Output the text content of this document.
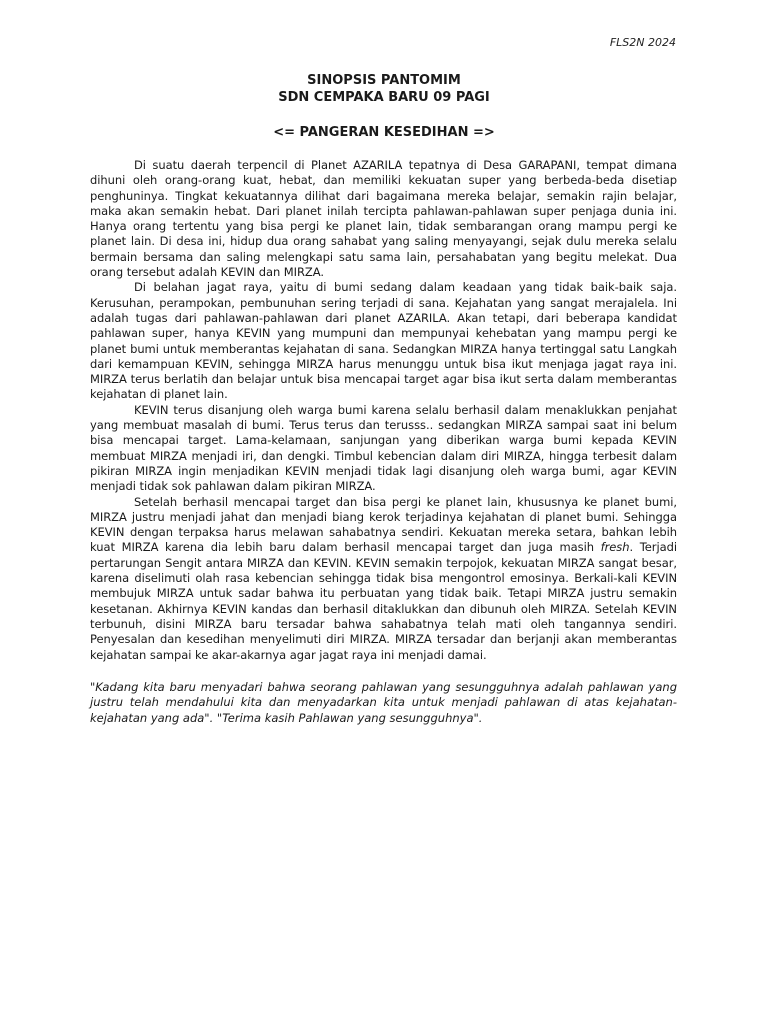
FLS2N 2024
SINOPSIS PANTOMIM
SDN CEMPAKA BARU 09 PAGI
<= PANGERAN KESEDIHAN =>

Di suatu daerah terpencil di Planet AZARILA tepatnya di Desa GARAPANI, tempat dimana dihuni oleh orang-orang kuat, hebat, dan memiliki kekuatan super yang berbeda-beda disetiap penghuninya. Tingkat kekuatannya dilihat dari bagaimana mereka belajar, semakin rajin belajar, maka akan semakin hebat. Dari planet inilah tercipta pahlawan-pahlawan super penjaga dunia ini. Hanya orang tertentu yang bisa pergi ke planet lain, tidak sembarangan orang mampu pergi ke planet lain. Di desa ini, hidup dua orang sahabat yang saling menyayangi, sejak dulu mereka selalu bermain bersama dan saling melengkapi satu sama lain, persahabatan yang begitu melekat. Dua orang tersebut adalah KEVIN dan MIRZA.

Di belahan jagat raya, yaitu di bumi sedang dalam keadaan yang tidak baik-baik saja. Kerusuhan, perampokan, pembunuhan sering terjadi di sana. Kejahatan yang sangat merajalela. Ini adalah tugas dari pahlawan-pahlawan dari planet AZARILA. Akan tetapi, dari beberapa kandidat pahlawan super, hanya KEVIN yang mumpuni dan mempunyai kehebatan yang mampu pergi ke planet bumi untuk memberantas kejahatan di sana. Sedangkan MIRZA hanya tertinggal satu Langkah dari kemampuan KEVIN, sehingga MIRZA harus menunggu untuk bisa ikut menjaga jagat raya ini. MIRZA terus berlatih dan belajar untuk bisa mencapai target agar bisa ikut serta dalam memberantas kejahatan di planet lain.

KEVIN terus disanjung oleh warga bumi karena selalu berhasil dalam menaklukkan penjahat yang membuat masalah di bumi. Terus terus dan terusss.. sedangkan MIRZA sampai saat ini belum bisa mencapai target. Lama-kelamaan, sanjungan yang diberikan warga bumi kepada KEVIN membuat MIRZA menjadi iri, dan dengki. Timbul kebencian dalam diri MIRZA, hingga terbesit dalam pikiran MIRZA ingin menjadikan KEVIN menjadi tidak lagi disanjung oleh warga bumi, agar KEVIN menjadi tidak sok pahlawan dalam pikiran MIRZA.

Setelah berhasil mencapai target dan bisa pergi ke planet lain, khususnya ke planet bumi, MIRZA justru menjadi jahat dan menjadi biang kerok terjadinya kejahatan di planet bumi. Sehingga KEVIN dengan terpaksa harus melawan sahabatnya sendiri. Kekuatan mereka setara, bahkan lebih kuat MIRZA karena dia lebih baru dalam berhasil mencapai target dan juga masih fresh. Terjadi pertarungan Sengit antara MIRZA dan KEVIN. KEVIN semakin terpojok, kekuatan MIRZA sangat besar, karena diselimuti olah rasa kebencian sehingga tidak bisa mengontrol emosinya. Berkali-kali KEVIN membujuk MIRZA untuk sadar bahwa itu perbuatan yang tidak baik. Tetapi MIRZA justru semakin kesetanan. Akhirnya KEVIN kandas dan berhasil ditaklukkan dan dibunuh oleh MIRZA. Setelah KEVIN terbunuh, disini MIRZA baru tersadar bahwa sahabatnya telah mati oleh tangannya sendiri. Penyesalan dan kesedihan menyelimuti diri MIRZA. MIRZA tersadar dan berjanji akan memberantas kejahatan sampai ke akar-akarnya agar jagat raya ini menjadi damai.

"Kadang kita baru menyadari bahwa seorang pahlawan yang sesungguhnya adalah pahlawan yang justru telah mendahului kita dan menyadarkan kita untuk menjadi pahlawan di atas kejahatan-kejahatan yang ada". "Terima kasih Pahlawan yang sesungguhnya".
